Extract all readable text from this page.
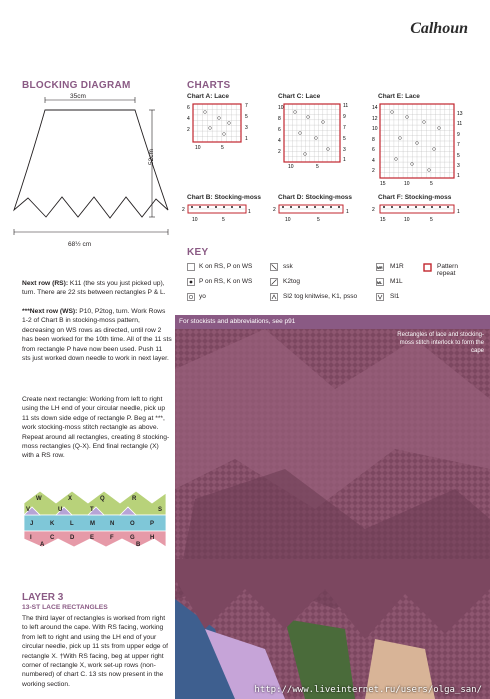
Calhoun
BLOCKING DIAGRAM
35cm
52cm
68½ cm
CHARTS
Chart A: Lace
6
4
2
7
5
3
1
10	5
Chart C: Lace
10
8
6
4
2
11
9
7
5
3
1
10	5
Chart E: Lace
14
12
10
8
6
4
2
13
11
9
7
5
3
1
15	10	5
Chart B: Stocking-moss
2	1
10	5
Chart D: Stocking-moss
2	1
10	5
Chart F: Stocking-moss
2	1
15	10	5
KEY
K on RS, P on WS	ssk	MR M1R	Pattern repeat
P on RS, K on WS	K2tog	ML M1L
yo	Sl2 tog knitwise, K1, psso	Sl1
Next row (RS): K11 (the sts you just picked up), turn. There are 22 sts between rectangles P & L.
***Next row (WS): P10, P2tog, turn. Work Rows 1-2 of Chart B in stocking-moss pattern, decreasing on WS rows as directed, until row 2 has been worked for the 10th time. All of the 11 sts from rectangle P have now been used. Push 11 sts just worked down needle to work in next layer.
Create next rectangle: Working from left to right using the LH end of your circular needle, pick up 11 sts down side edge of rectangle P. Beg at ***, work stocking-moss stitch rectangle as above. Repeat around all rectangles, creating 8 stocking-moss rectangles (Q-X). End final rectangle (X) with a RS row.
W	X	Q	R
J	K	L	M	N	O	P
I	C	D	E	F	G	H
V	S
U	T
A	B
LAYER 3
13-ST LACE RECTANGLES
The third layer of rectangles is worked from right to left around the cape. With RS facing, working from left to right and using the LH end of your circular needle, pick up 11 sts from upper edge of rectangle X. †With RS facing, beg at upper right corner of rectangle X, work set-up rows (non-numbered) of chart C. 13 sts now present in the working section.
For stockists and abbreviations, see p91
Rectangles of lace and stocking-moss stitch interlock to form the cape
http://www.liveinternet.ru/users/olga_san/
